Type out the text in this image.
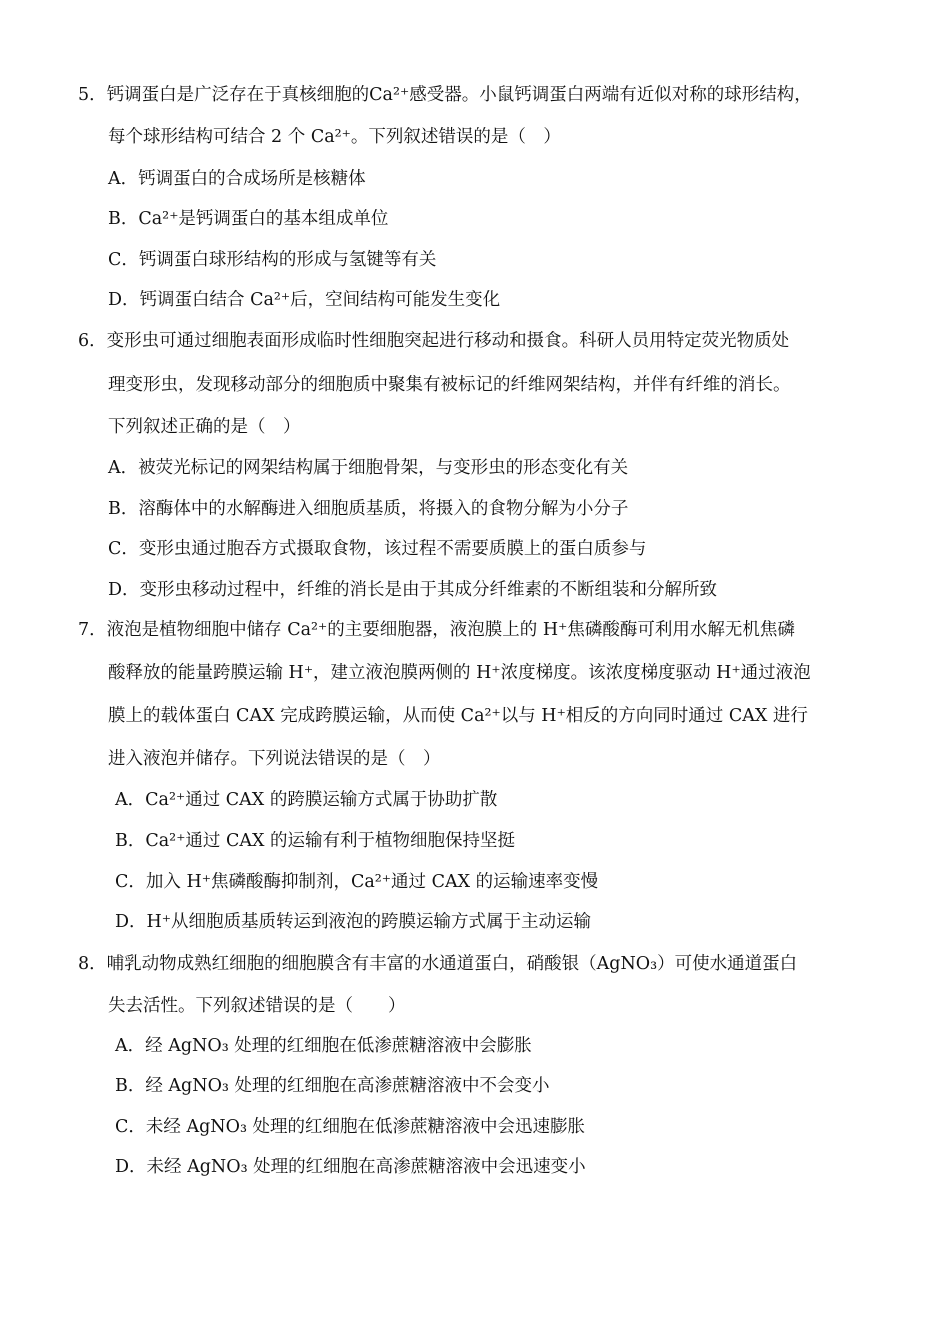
5．钙调蛋白是广泛存在于真核细胞的Ca²⁺感受器。小鼠钙调蛋白两端有近似对称的球形结构，
每个球形结构可结合 2 个 Ca²⁺。下列叙述错误的是（　）
A．钙调蛋白的合成场所是核糖体
B．Ca²⁺是钙调蛋白的基本组成单位
C．钙调蛋白球形结构的形成与氢键等有关
D．钙调蛋白结合 Ca²⁺后，空间结构可能发生变化
6．变形虫可通过细胞表面形成临时性细胞突起进行移动和摄食。科研人员用特定荧光物质处
理变形虫，发现移动部分的细胞质中聚集有被标记的纤维网架结构，并伴有纤维的消长。
下列叙述正确的是（　）
A．被荧光标记的网架结构属于细胞骨架，与变形虫的形态变化有关
B．溶酶体中的水解酶进入细胞质基质，将摄入的食物分解为小分子
C．变形虫通过胞吞方式摄取食物，该过程不需要质膜上的蛋白质参与
D．变形虫移动过程中，纤维的消长是由于其成分纤维素的不断组装和分解所致
7．液泡是植物细胞中储存 Ca²⁺的主要细胞器，液泡膜上的 H⁺焦磷酸酶可利用水解无机焦磷
酸释放的能量跨膜运输 H⁺，建立液泡膜两侧的 H⁺浓度梯度。该浓度梯度驱动 H⁺通过液泡
膜上的载体蛋白 CAX 完成跨膜运输，从而使 Ca²⁺以与 H⁺相反的方向同时通过 CAX 进行
进入液泡并储存。下列说法错误的是（　）
A．Ca²⁺通过 CAX 的跨膜运输方式属于协助扩散
B．Ca²⁺通过 CAX 的运输有利于植物细胞保持坚挺
C．加入 H⁺焦磷酸酶抑制剂，Ca²⁺通过 CAX 的运输速率变慢
D．H⁺从细胞质基质转运到液泡的跨膜运输方式属于主动运输
8．哺乳动物成熟红细胞的细胞膜含有丰富的水通道蛋白，硝酸银（AgNO₃）可使水通道蛋白
失去活性。下列叙述错误的是（　　）
A．经 AgNO₃ 处理的红细胞在低渗蔗糖溶液中会膨胀
B．经 AgNO₃ 处理的红细胞在高渗蔗糖溶液中不会变小
C．未经 AgNO₃ 处理的红细胞在低渗蔗糖溶液中会迅速膨胀
D．未经 AgNO₃ 处理的红细胞在高渗蔗糖溶液中会迅速变小
